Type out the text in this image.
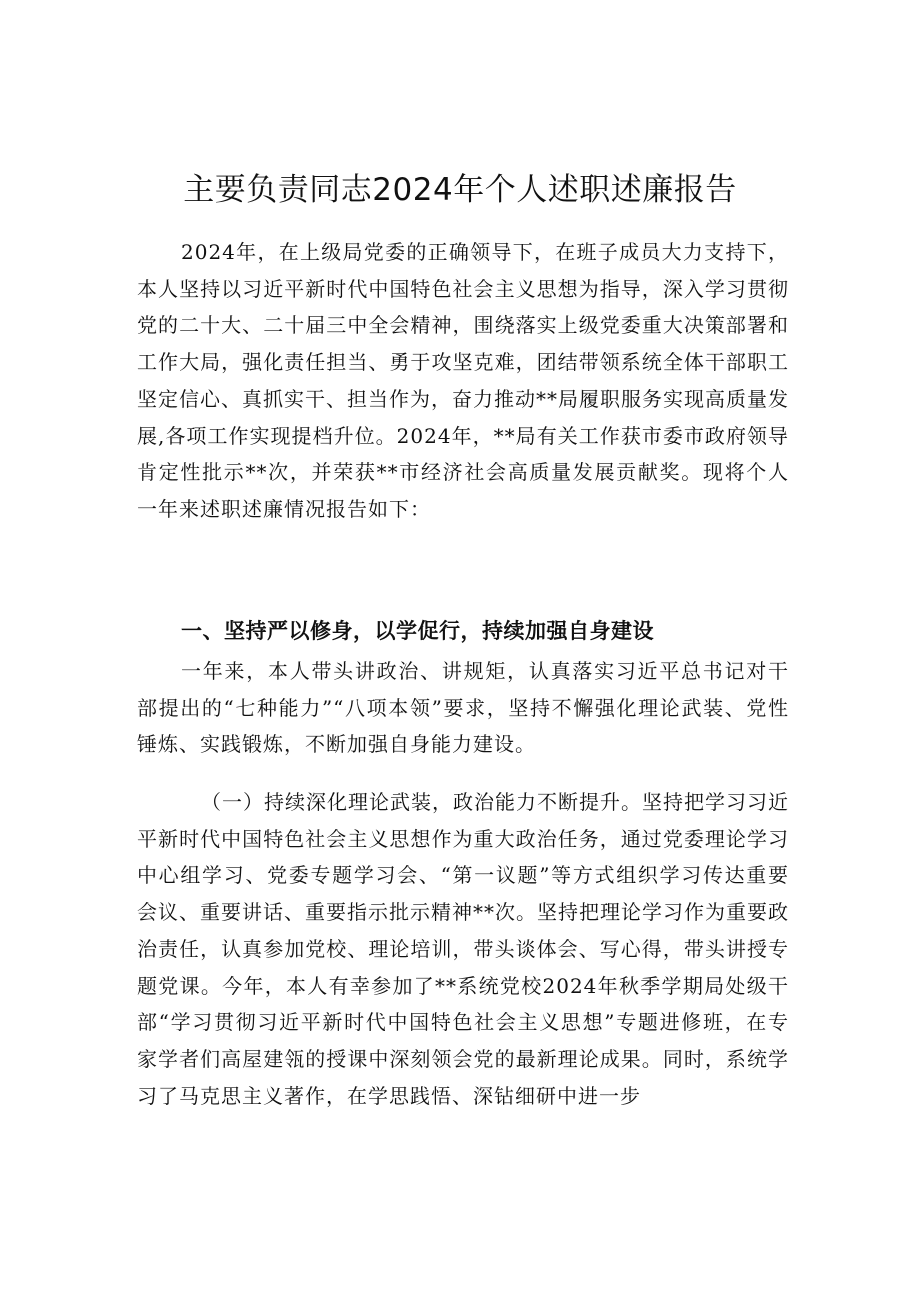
主要负责同志2024年个人述职述廉报告

2024年，在上级局党委的正确领导下，在班子成员大力支持下，本人坚持以习近平新时代中国特色社会主义思想为指导，深入学习贯彻党的二十大、二十届三中全会精神，围绕落实上级党委重大决策部署和工作大局，强化责任担当、勇于攻坚克难，团结带领系统全体干部职工坚定信心、真抓实干、担当作为，奋力推动**局履职服务实现高质量发展,各项工作实现提档升位。2024年，**局有关工作获市委市政府领导肯定性批示**次，并荣获**市经济社会高质量发展贡献奖。现将个人一年来述职述廉情况报告如下：

一、坚持严以修身，以学促行，持续加强自身建设

一年来，本人带头讲政治、讲规矩，认真落实习近平总书记对干部提出的“七种能力”“八项本领”要求，坚持不懈强化理论武装、党性锤炼、实践锻炼，不断加强自身能力建设。

（一）持续深化理论武装，政治能力不断提升。坚持把学习习近平新时代中国特色社会主义思想作为重大政治任务，通过党委理论学习中心组学习、党委专题学习会、“第一议题”等方式组织学习传达重要会议、重要讲话、重要指示批示精神**次。坚持把理论学习作为重要政治责任，认真参加党校、理论培训，带头谈体会、写心得，带头讲授专题党课。今年，本人有幸参加了**系统党校2024年秋季学期局处级干部“学习贯彻习近平新时代中国特色社会主义思想”专题进修班，在专家学者们高屋建瓴的授课中深刻领会党的最新理论成果。同时，系统学习了马克思主义著作，在学思践悟、深钻细研中进一步
